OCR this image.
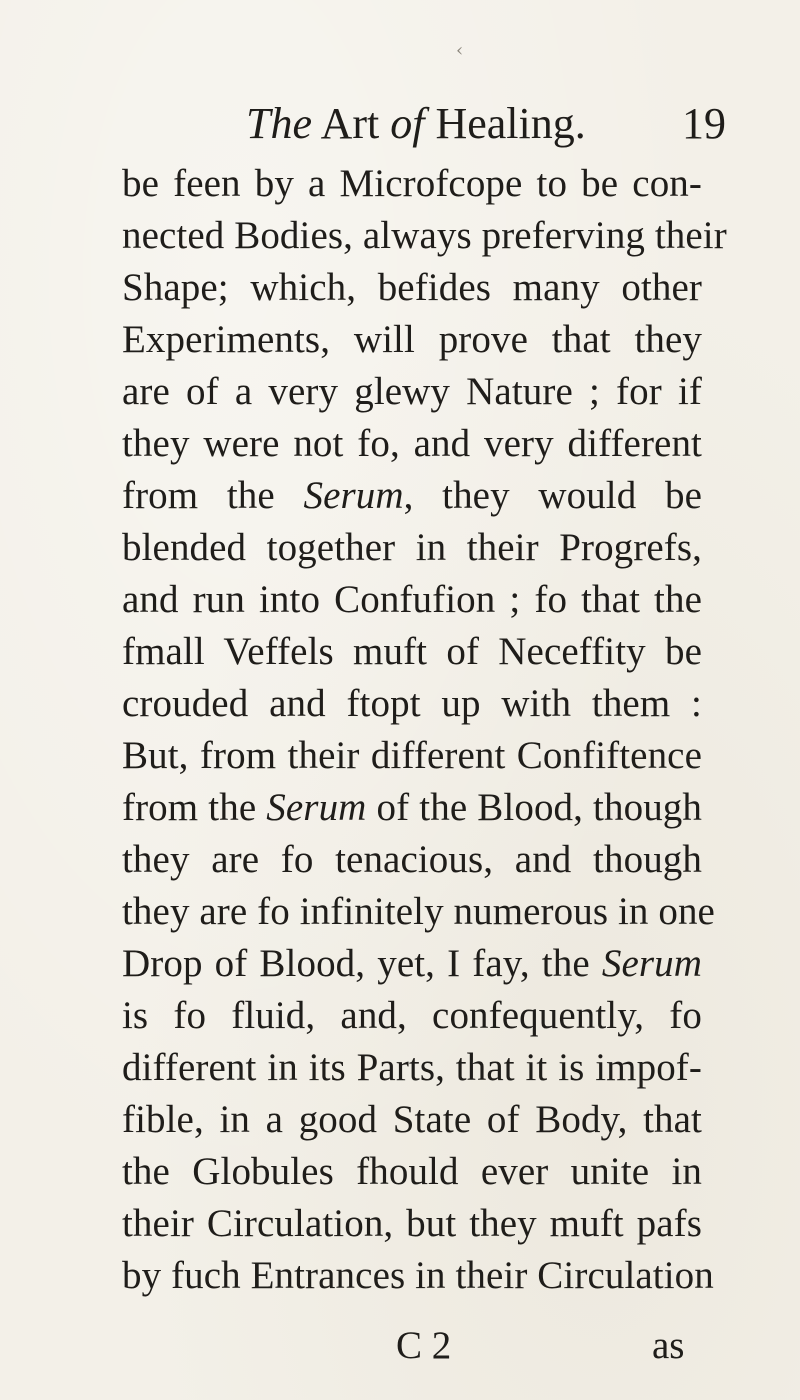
‹
The Art of Healing. 19
be feen by a Microfcope to be con-
nected Bodies, always preferving their
Shape; which, befides many other
Experiments, will prove that they
are of a very glewy Nature ; for if
they were not fo, and very different
from the Serum, they would be
blended together in their Progrefs,
and run into Confufion ; fo that the
fmall Veffels muft of Neceffity be
crouded and ftopt up with them :
But, from their different Confiftence
from the Serum of the Blood, though
they are fo tenacious, and though
they are fo infinitely numerous in one
Drop of Blood, yet, I fay, the Serum
is fo fluid, and, confequently, fo
different in its Parts, that it is impof-
fible, in a good State of Body, that
the Globules fhould ever unite in
their Circulation, but they muft pafs
by fuch Entrances in their Circulation
C 2	as
